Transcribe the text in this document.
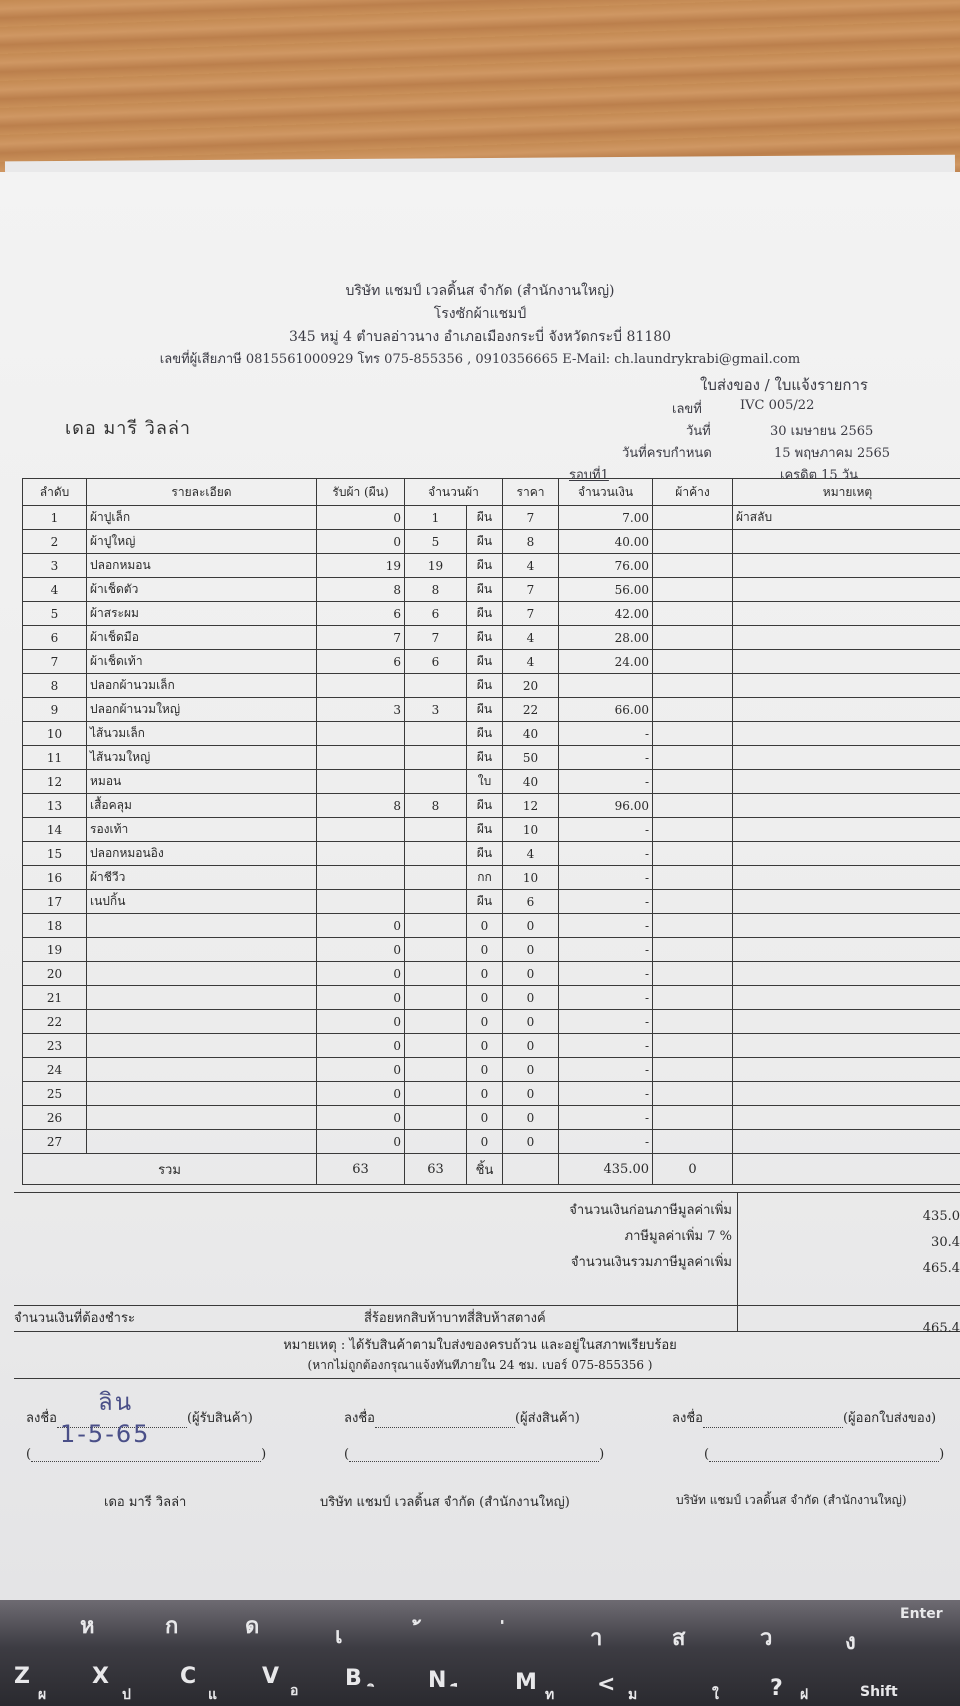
บริษัท แชมป์ เวลดิ้นส จำกัด (สำนักงานใหญ่)
โรงซักผ้าแชมป์
345 หมู่ 4 ตำบลอ่าวนาง อำเภอเมืองกระบี่ จังหวัดกระบี่ 81180
เลขที่ผู้เสียภาษี 0815561000929 โทร 075-855356 , 0910356665 E-Mail: ch.laundrykrabi@gmail.com
ใบส่งของ / ใบแจ้งรายการ
เดอ มารี วิลล่า
เลขที่	IVC 005/22
วันที่	30 เมษายน 2565
วันที่ครบกำหนด	15 พฤษภาคม 2565
รอบที่1	เครดิต 15 วัน
ลำดับ	รายละเอียด	รับผ้า (ผืน)	จำนวนผ้า		ราคา	จำนวนเงิน	ผ้าค้าง	หมายเหตุ
1	ผ้าปูเล็ก	0	1	ผืน	7	7.00		ผ้าสลับ
2	ผ้าปูใหญ่	0	5	ผืน	8	40.00		
3	ปลอกหมอน	19	19	ผืน	4	76.00		
4	ผ้าเช็ดตัว	8	8	ผืน	7	56.00		
5	ผ้าสระผม	6	6	ผืน	7	42.00		
6	ผ้าเช็ดมือ	7	7	ผืน	4	28.00		
7	ผ้าเช็ดเท้า	6	6	ผืน	4	24.00		
8	ปลอกผ้านวมเล็ก			ผืน	20			
9	ปลอกผ้านวมใหญ่	3	3	ผืน	22	66.00		
10	ไส้นวมเล็ก			ผืน	40	-		
11	ไส้นวมใหญ่			ผืน	50	-		
12	หมอน			ใบ	40	-		
13	เสื้อคลุม	8	8	ผืน	12	96.00		
14	รองเท้า			ผืน	10	-		
15	ปลอกหมอนอิง			ผืน	4	-		
16	ผ้าชีวีว			กก	10	-		
17	เนปกิ้น			ผืน	6	-		
18		0		0	0	-		
19		0		0	0	-		
20		0		0	0	-		
21		0		0	0	-		
22		0		0	0	-		
23		0		0	0	-		
24		0		0	0	-		
25		0		0	0	-		
26		0		0	0	-		
27		0		0	0	-		
รวม		63	63	ชิ้น		435.00	0	
จำนวนเงินก่อนภาษีมูลค่าเพิ่ม	435.0
ภาษีมูลค่าเพิ่ม 7 %	30.4
จำนวนเงินรวมภาษีมูลค่าเพิ่ม	465.4
จำนวนเงินที่ต้องชำระ	สี่ร้อยหกสิบห้าบาทสี่สิบห้าสตางค์
465.4
หมายเหตุ : ได้รับสินค้าตามใบส่งของครบถ้วน และอยู่ในสภาพเรียบร้อย
(หากไม่ถูกต้องกรุณาแจ้งทันทีภายใน 24 ชม. เบอร์ 075-855356 )
ลงชื่อ	(ผู้รับสินค้า)
(	)
เดอ มารี วิลล่า
ลงชื่อ	(ผู้ส่งสินค้า)
(	)
บริษัท แชมป์ เวลดิ้นส จำกัด (สำนักงานใหญ่)
ลงชื่อ	(ผู้ออกใบส่งของ)
(	)
บริษัท แชมป์ เวลดิ้นส จำกัด (สำนักงานใหญ่)
ลิน
1-5-65
ห	ก	ด	เ	า	ส	ว	ง
Enter
Z	X	C	V	B	N	M	<	?	Shift
ผ	ป	แ	อ	ท	ม	ใ	ฝ
